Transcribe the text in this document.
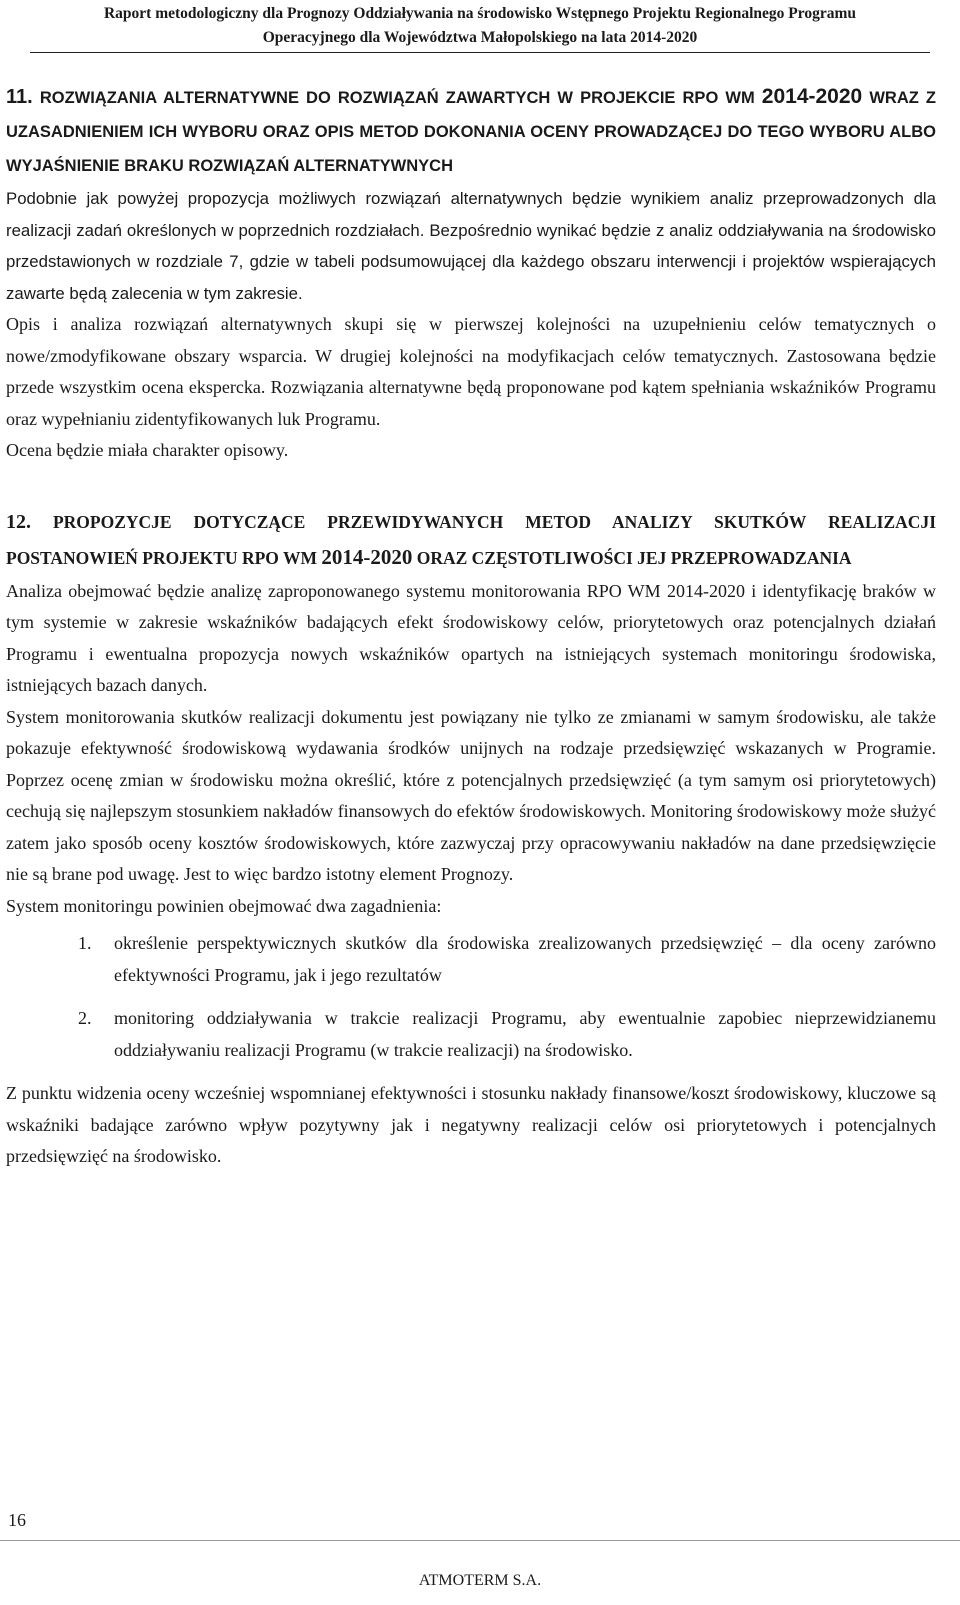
Raport metodologiczny dla Prognozy Oddziaływania na środowisko Wstępnego Projektu Regionalnego Programu
Operacyjnego dla Województwa Małopolskiego na lata 2014-2020
11. ROZWIĄZANIA ALTERNATYWNE DO ROZWIĄZAŃ ZAWARTYCH W PROJEKCIE RPO WM 2014-2020 WRAZ Z UZASADNIENIEM ICH WYBORU ORAZ OPIS METOD DOKONANIA OCENY PROWADZĄCEJ DO TEGO WYBORU ALBO WYJAŚNIENIE BRAKU ROZWIĄZAŃ ALTERNATYWNYCH

Podobnie jak powyżej propozycja możliwych rozwiązań alternatywnych będzie wynikiem analiz przeprowadzonych dla realizacji zadań określonych w poprzednich rozdziałach. Bezpośrednio wynikać będzie z analiz oddziaływania na środowisko przedstawionych w rozdziale 7, gdzie w tabeli podsumowującej dla każdego obszaru interwencji i projektów wspierających zawarte będą zalecenia w tym zakresie.

Opis i analiza rozwiązań alternatywnych skupi się w pierwszej kolejności na uzupełnieniu celów tematycznych o nowe/zmodyfikowane obszary wsparcia. W drugiej kolejności na modyfikacjach celów tematycznych. Zastosowana będzie przede wszystkim ocena ekspercka. Rozwiązania alternatywne będą proponowane pod kątem spełniania wskaźników Programu oraz wypełnianiu zidentyfikowanych luk Programu.

Ocena będzie miała charakter opisowy.

12. PROPOZYCJE DOTYCZĄCE PRZEWIDYWANYCH METOD ANALIZY SKUTKÓW REALIZACJI POSTANOWIEŃ PROJEKTU RPO WM 2014-2020 ORAZ CZĘSTOTLIWOŚCI JEJ PRZEPROWADZANIA

Analiza obejmować będzie analizę zaproponowanego systemu monitorowania RPO WM 2014-2020 i identyfikację braków w tym systemie w zakresie wskaźników badających efekt środowiskowy celów, priorytetowych oraz potencjalnych działań Programu i ewentualna propozycja nowych wskaźników opartych na istniejących systemach monitoringu środowiska, istniejących bazach danych.

System monitorowania skutków realizacji dokumentu jest powiązany nie tylko ze zmianami w samym środowisku, ale także pokazuje efektywność środowiskową wydawania środków unijnych na rodzaje przedsięwzięć wskazanych w Programie. Poprzez ocenę zmian w środowisku można określić, które z potencjalnych przedsięwzięć (a tym samym osi priorytetowych) cechują się najlepszym stosunkiem nakładów finansowych do efektów środowiskowych. Monitoring środowiskowy może służyć zatem jako sposób oceny kosztów środowiskowych, które zazwyczaj przy opracowywaniu nakładów na dane przedsięwzięcie nie są brane pod uwagę. Jest to więc bardzo istotny element Prognozy.

System monitoringu powinien obejmować dwa zagadnienia:

1. określenie perspektywicznych skutków dla środowiska zrealizowanych przedsięwzięć – dla oceny zarówno efektywności Programu, jak i jego rezultatów
2. monitoring oddziaływania w trakcie realizacji Programu, aby ewentualnie zapobiec nieprzewidzianemu oddziaływaniu realizacji Programu (w trakcie realizacji) na środowisko.

Z punktu widzenia oceny wcześniej wspomnianej efektywności i stosunku nakłady finansowe/koszt środowiskowy, kluczowe są wskaźniki badające zarówno wpływ pozytywny jak i negatywny realizacji celów osi priorytetowych i potencjalnych przedsięwzięć na środowisko.

16
ATMOTERM S.A.
